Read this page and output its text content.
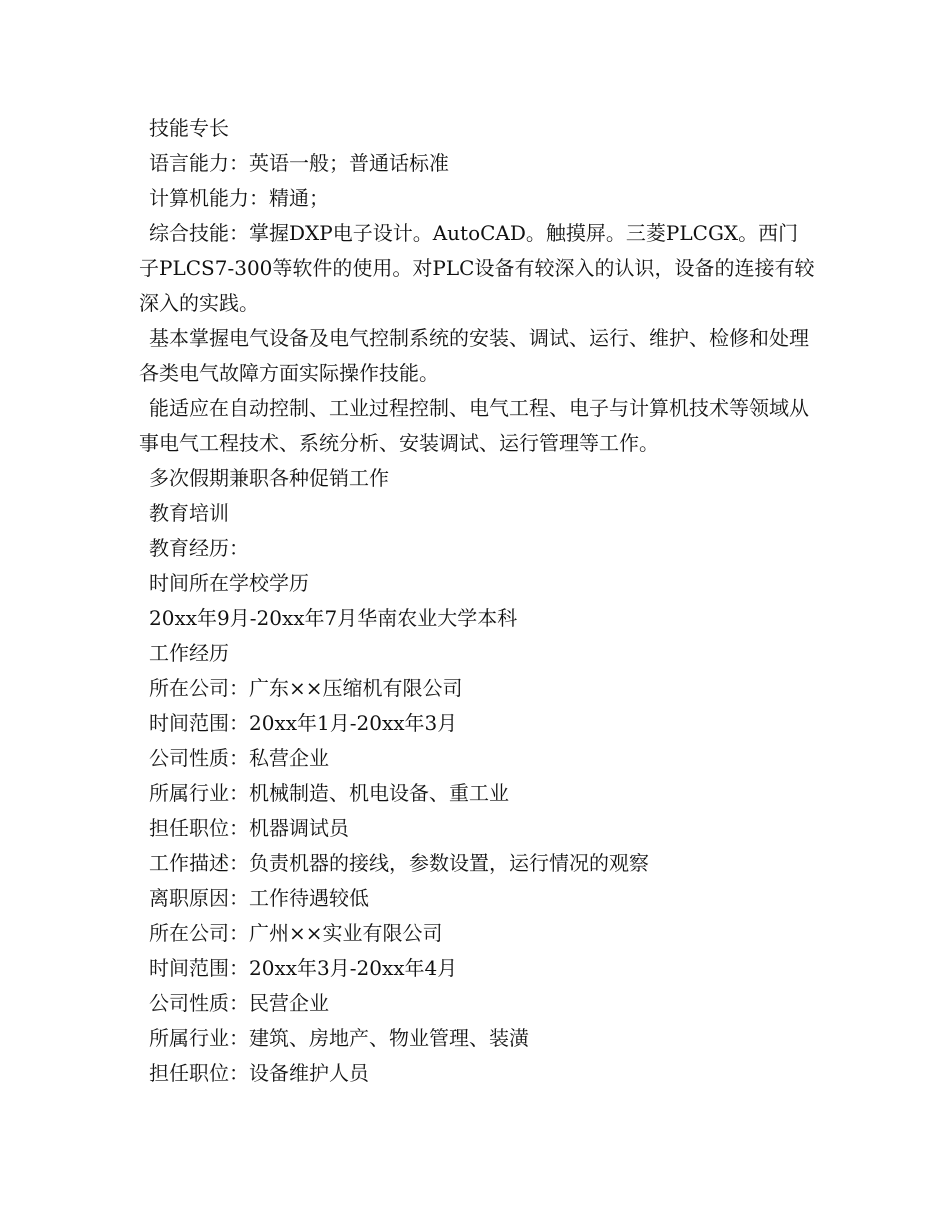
技能专长

语言能力：英语一般；普通话标准

计算机能力：精通；

综合技能：掌握DXP电子设计。AutoCAD。触摸屏。三菱PLCGX。西门子PLCS7-300等软件的使用。对PLC设备有较深入的认识，设备的连接有较深入的实践。

基本掌握电气设备及电气控制系统的安装、调试、运行、维护、检修和处理各类电气故障方面实际操作技能。

能适应在自动控制、工业过程控制、电气工程、电子与计算机技术等领域从事电气工程技术、系统分析、安装调试、运行管理等工作。

多次假期兼职各种促销工作

教育培训

教育经历：

时间所在学校学历

20xx年9月-20xx年7月华南农业大学本科

工作经历

所在公司：广东××压缩机有限公司

时间范围：20xx年1月-20xx年3月

公司性质：私营企业

所属行业：机械制造、机电设备、重工业

担任职位：机器调试员

工作描述：负责机器的接线，参数设置，运行情况的观察

离职原因：工作待遇较低

所在公司：广州××实业有限公司

时间范围：20xx年3月-20xx年4月

公司性质：民营企业

所属行业：建筑、房地产、物业管理、装潢

担任职位：设备维护人员
